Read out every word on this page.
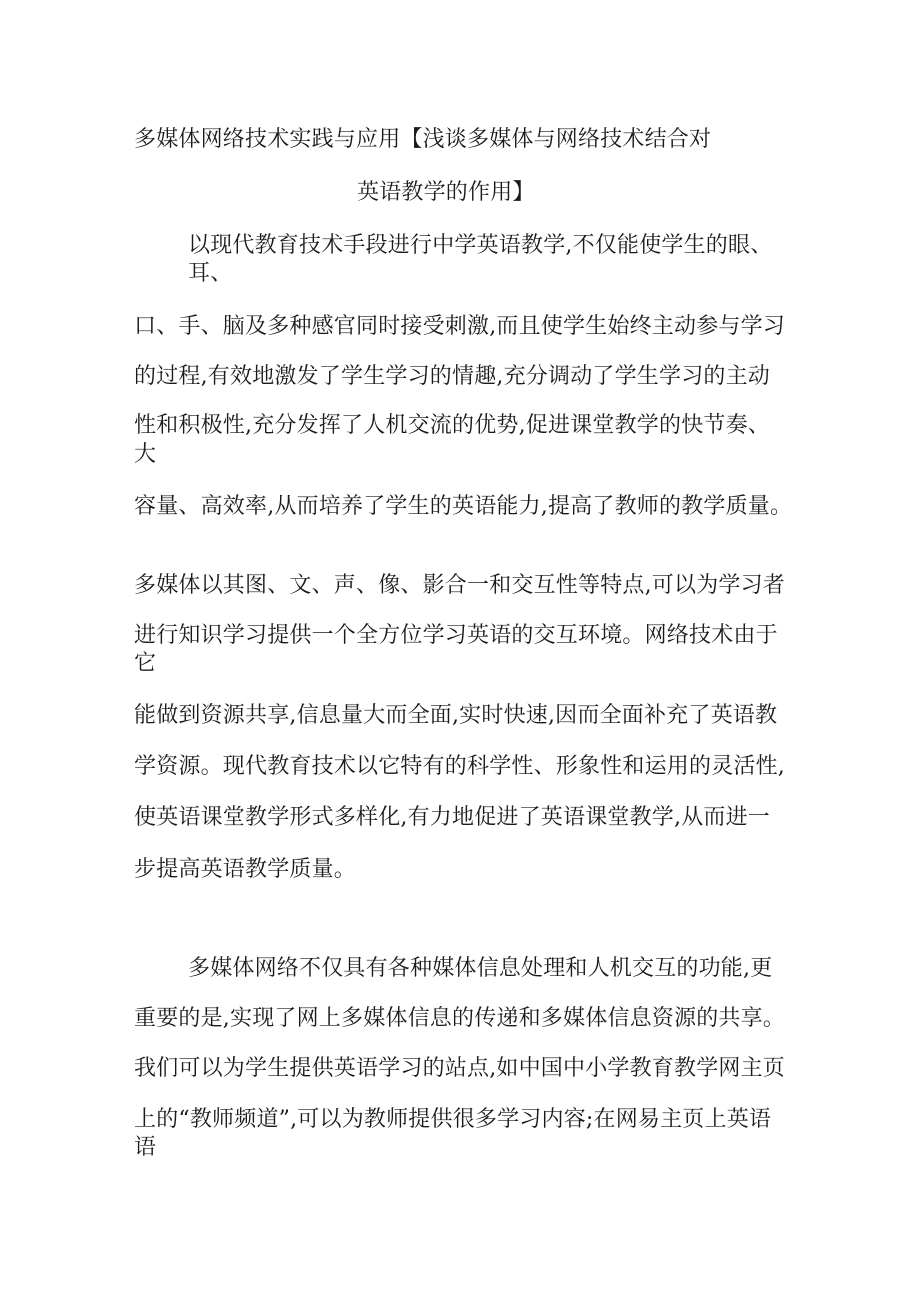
多媒体网络技术实践与应用【浅谈多媒体与网络技术结合对
英语教学的作用】
以现代教育技术手段进行中学英语教学,不仅能使学生的眼、
耳、
口、手、脑及多种感官同时接受刺激,而且使学生始终主动参与学习
的过程,有效地激发了学生学习的情趣,充分调动了学生学习的主动
性和积极性,充分发挥了人机交流的优势,促进课堂教学的快节奏、
大
容量、高效率,从而培养了学生的英语能力,提高了教师的教学质量。
多媒体以其图、文、声、像、影合一和交互性等特点,可以为学习者
进行知识学习提供一个全方位学习英语的交互环境。网络技术由于
它
能做到资源共享,信息量大而全面,实时快速,因而全面补充了英语教
学资源。现代教育技术以它特有的科学性、形象性和运用的灵活性,
使英语课堂教学形式多样化,有力地促进了英语课堂教学,从而进一
步提高英语教学质量。
多媒体网络不仅具有各种媒体信息处理和人机交互的功能,更
重要的是,实现了网上多媒体信息的传递和多媒体信息资源的共享。
我们可以为学生提供英语学习的站点,如中国中小学教育教学网主页
上的“教师频道”,可以为教师提供很多学习内容;在网易主页上英语
语
